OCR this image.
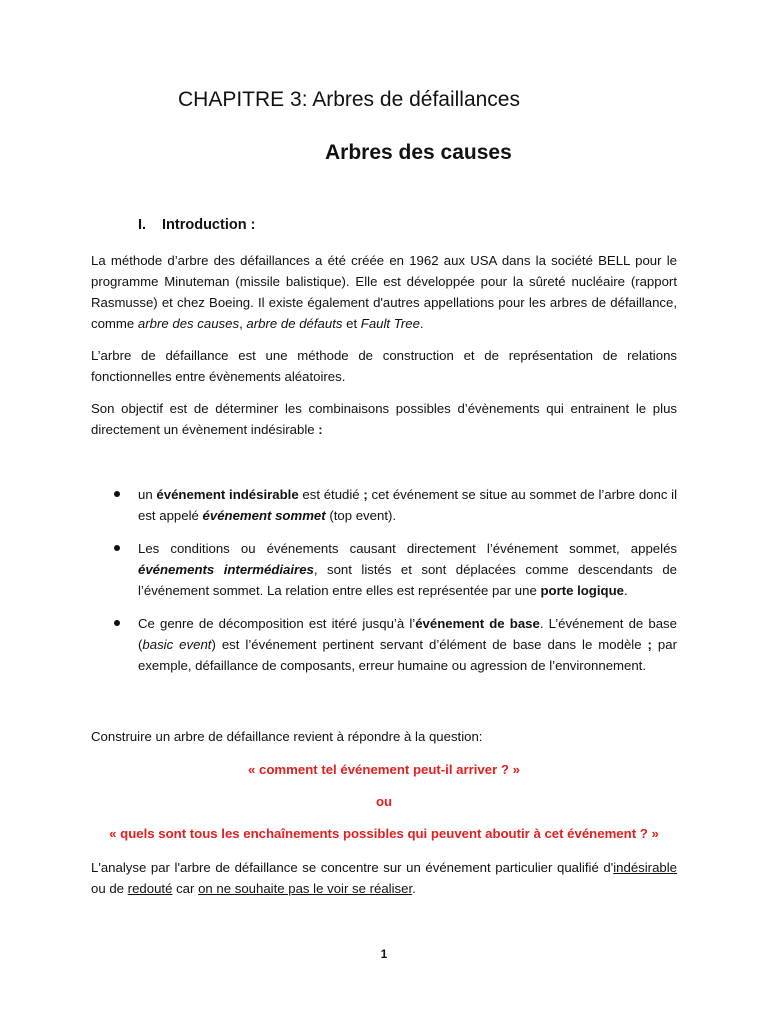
CHAPITRE 3: Arbres de défaillances
Arbres des causes
I. Introduction :

La méthode d’arbre des défaillances a été créée en 1962 aux USA dans la société BELL pour le programme Minuteman (missile balistique). Elle est développée pour la sûreté nucléaire (rapport Rasmusse) et chez Boeing. Il existe également d'autres appellations pour les arbres de défaillance, comme arbre des causes, arbre de défauts et Fault Tree.

L’arbre de défaillance est une méthode de construction et de représentation de relations fonctionnelles entre évènements aléatoires.

Son objectif est de déterminer les combinaisons possibles d’évènements qui entrainent le plus directement un évènement indésirable :

un événement indésirable est étudié ; cet événement se situe au sommet de l’arbre donc il est appelé événement sommet (top event).
Les conditions ou événements causant directement l’événement sommet, appelés événements intermédiaires, sont listés et sont déplacées comme descendants de l’événement sommet. La relation entre elles est représentée par une porte logique.
Ce genre de décomposition est itéré jusqu’à l’événement de base. L’événement de base (basic event) est l’événement pertinent servant d’élément de base dans le modèle ; par exemple, défaillance de composants, erreur humaine ou agression de l’environnement.

Construire un arbre de défaillance revient à répondre à la question:

« comment tel événement peut-il arriver ? »

ou

« quels sont tous les enchaînements possibles qui peuvent aboutir à cet événement ? »

L'analyse par l'arbre de défaillance se concentre sur un événement particulier qualifié d'indésirable ou de redouté car on ne souhaite pas le voir se réaliser.

1
